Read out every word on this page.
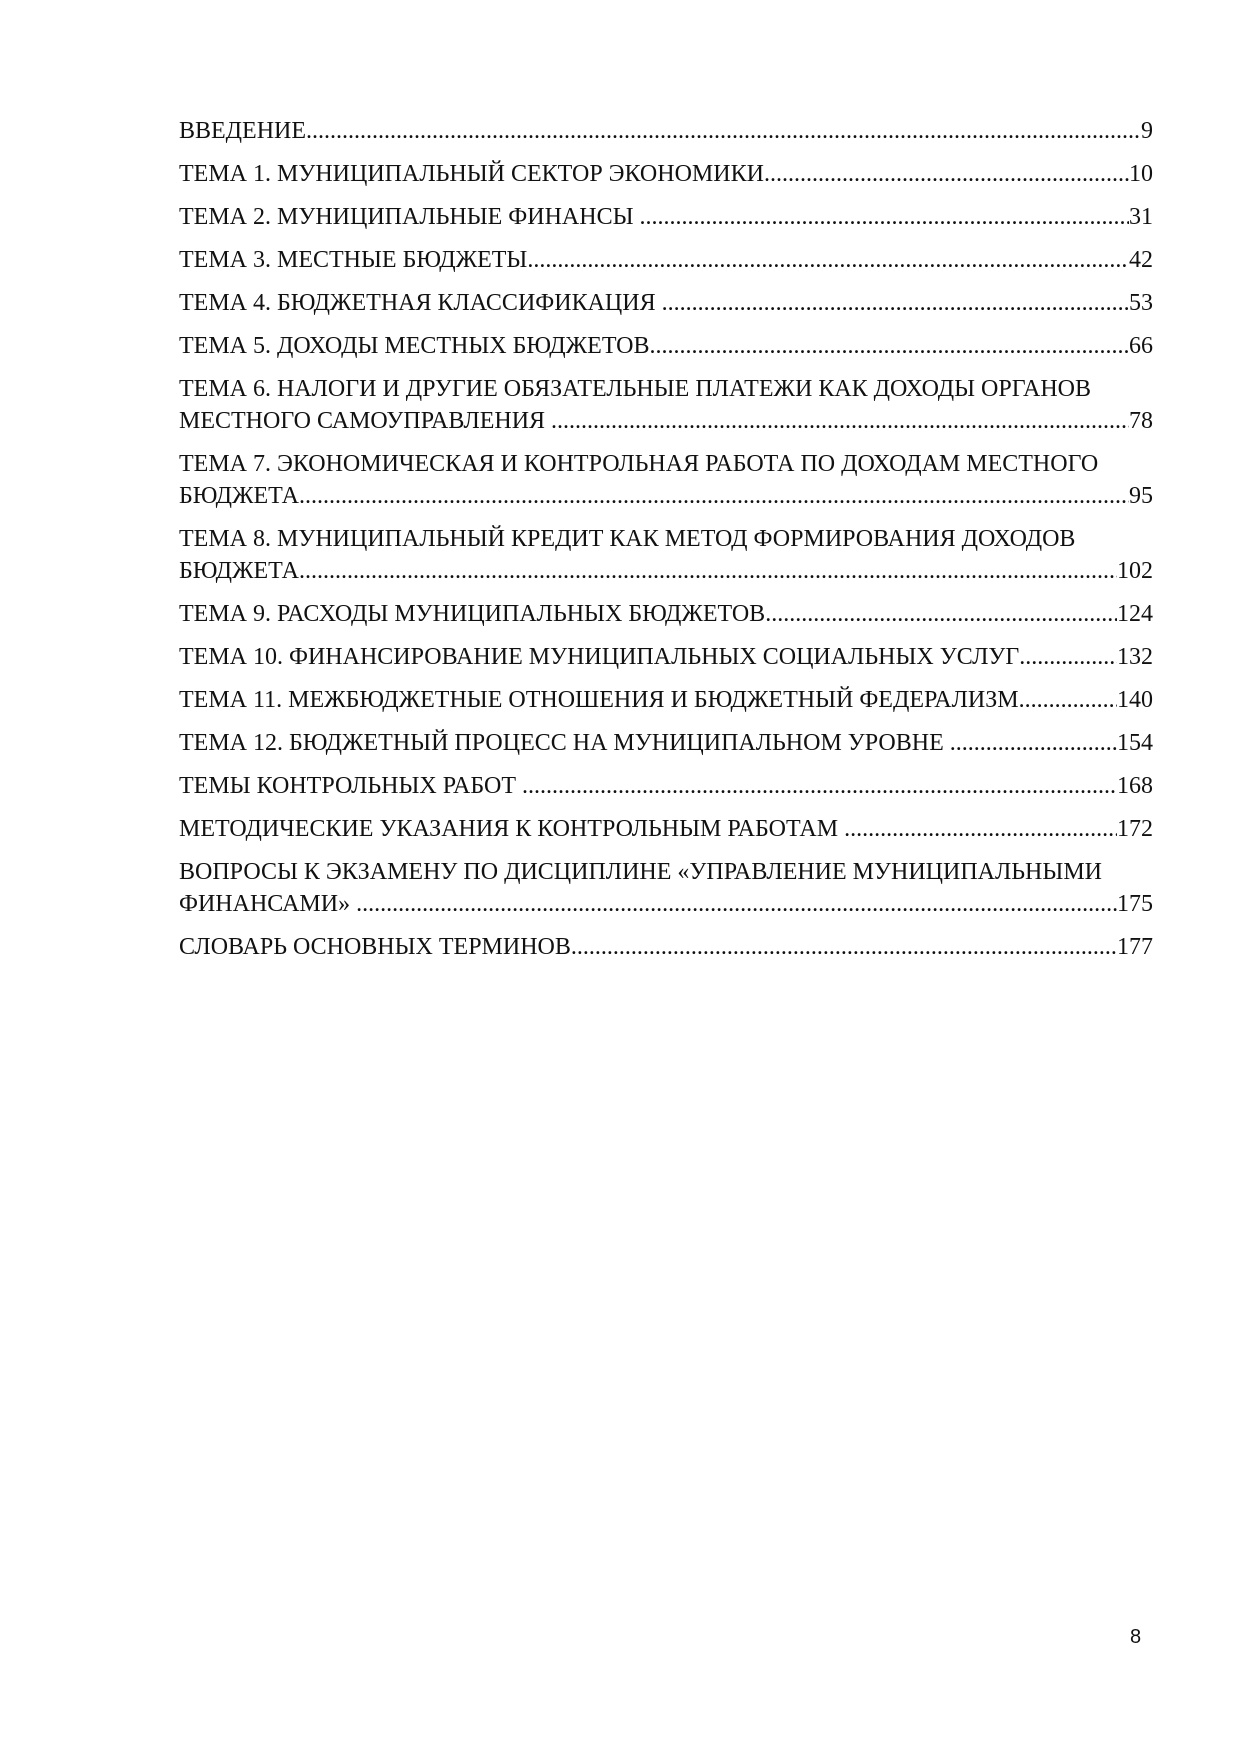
ВВЕДЕНИЕ .....	9
ТЕМА 1. МУНИЦИПАЛЬНЫЙ СЕКТОР ЭКОНОМИКИ .....	10
ТЕМА 2. МУНИЦИПАЛЬНЫЕ ФИНАНСЫ .....	31
ТЕМА 3. МЕСТНЫЕ БЮДЖЕТЫ .....	42
ТЕМА 4. БЮДЖЕТНАЯ КЛАССИФИКАЦИЯ .....	53
ТЕМА 5. ДОХОДЫ МЕСТНЫХ БЮДЖЕТОВ .....	66
ТЕМА 6. НАЛОГИ И ДРУГИЕ ОБЯЗАТЕЛЬНЫЕ ПЛАТЕЖИ КАК ДОХОДЫ ОРГАНОВ
МЕСТНОГО САМОУПРАВЛЕНИЯ .....	78
ТЕМА 7. ЭКОНОМИЧЕСКАЯ И КОНТРОЛЬНАЯ РАБОТА ПО ДОХОДАМ МЕСТНОГО
БЮДЖЕТА .....	95
ТЕМА 8. МУНИЦИПАЛЬНЫЙ КРЕДИТ КАК МЕТОД ФОРМИРОВАНИЯ ДОХОДОВ
БЮДЖЕТА .....	102
ТЕМА 9. РАСХОДЫ МУНИЦИПАЛЬНЫХ БЮДЖЕТОВ .....	124
ТЕМА 10. ФИНАНСИРОВАНИЕ МУНИЦИПАЛЬНЫХ СОЦИАЛЬНЫХ УСЛУГ .....	132
ТЕМА 11. МЕЖБЮДЖЕТНЫЕ ОТНОШЕНИЯ И БЮДЖЕТНЫЙ ФЕДЕРАЛИЗМ .....	140
ТЕМА 12. БЮДЖЕТНЫЙ ПРОЦЕСС НА МУНИЦИПАЛЬНОМ УРОВНЕ .....	154
ТЕМЫ КОНТРОЛЬНЫХ РАБОТ .....	168
МЕТОДИЧЕСКИЕ УКАЗАНИЯ К КОНТРОЛЬНЫМ РАБОТАМ .....	172
ВОПРОСЫ К ЭКЗАМЕНУ ПО ДИСЦИПЛИНЕ «УПРАВЛЕНИЕ МУНИЦИПАЛЬНЫМИ
ФИНАНСАМИ» .....	175
СЛОВАРЬ ОСНОВНЫХ ТЕРМИНОВ .....	177
8
